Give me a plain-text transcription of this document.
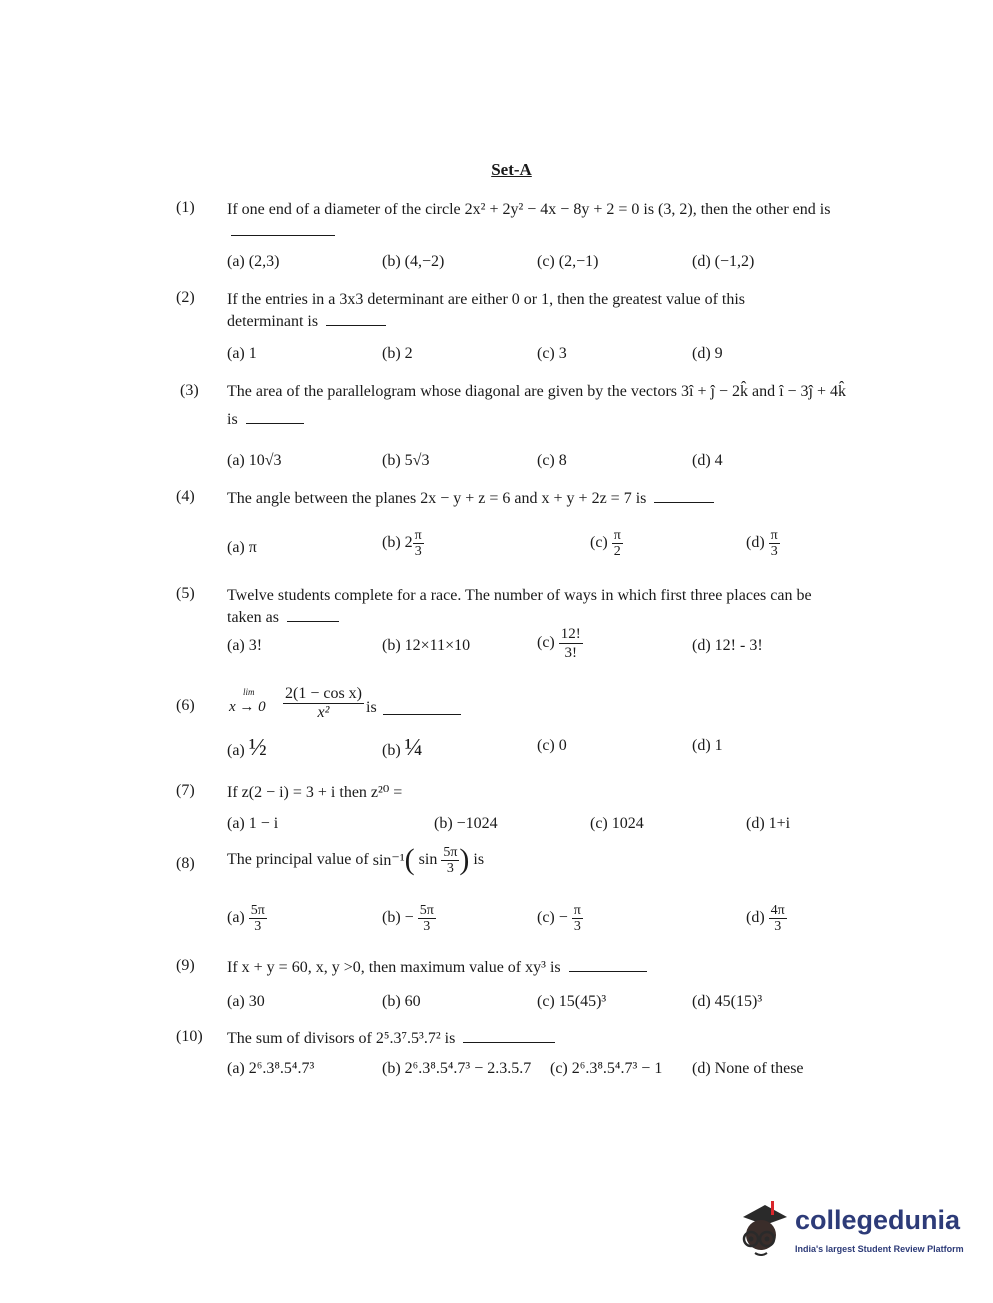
Set-A
(1) If one end of a diameter of the circle 2x² + 2y² − 4x − 8y + 2 = 0 is (3, 2), then the other end is
(a) (2,3)	(b) (4,−2)	(c) (2,−1)	(d) (−1,2)
(2) If the entries in a 3x3 determinant are either 0 or 1, then the greatest value of this determinant is
(a) 1	(b) 2	(c) 3	(d) 9
(3) The area of the parallelogram whose diagonal are given by the vectors 3î + ĵ − 2k̂ and î − 3ĵ + 4k̂ is
(a) 10√3	(b) 5√3	(c) 8	(d) 4
(4) The angle between the planes 2x − y + z = 6 and x + y + 2z = 7 is
(a) π	(b) $2 \frac{\pi}{3}$	$(c) \frac{\pi}{2}$	$(d) \frac{\pi}{3}$
(5) Twelve students complete for a race. The number of ways in which first three places can be taken as
(a) 3!	(b) 12×11×10	$(c) \frac{12!}{3!}$	(d) 12! - 3!
(6)
lim
$x \to 0 \frac{\text{2(1 − cos x)}}{\text{x²}}$ is
(a) ½	(b) ¼	(c) 0	(d) 1
(7) If z(2 − i) = 3 + i then z²⁰ =
(a) 1 − i	(b) −1024	(c) 1024	(d) 1+i
(8) The principal value of sin⁻¹( $\sin \frac{5\pi}{3}$ ) is
$(a) \frac{5\pi}{3}$	$(b) - \frac{5\pi}{3}$	$(c) - \frac{\pi}{3}$	$(d) \frac{4\pi}{3}$
(9) If x + y = 60, x, y >0, then maximum value of xy³ is
(a) 30	(b) 60	(c) 15(45)³	(d) 45(15)³
(10) The sum of divisors of 2⁵.3⁷.5³.7² is
(a) 2⁶.3⁸.5⁴.7³	(b) 2⁶.3⁸.5⁴.7³ − 2.3.5.7 (c) 2⁶.3⁸.5⁴.7³ − 1 (d) None of these
collegedunia
India's largest Student Review Platform
